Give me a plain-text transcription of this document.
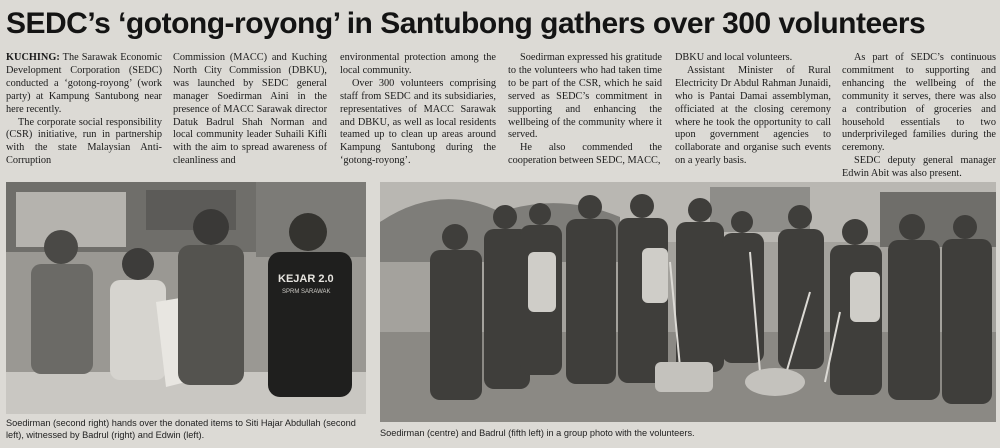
SEDC’s ‘gotong-royong’ in Santubong gathers over 300 volunteers

KUCHING: The Sarawak Economic Development Corporation (SEDC) conducted a ‘gotong-royong’ (work party) at Kampung Santubong near here recently.

The corporate social responsibility (CSR) initiative, run in partnership with the state Malaysian Anti-Corruption

Commission (MACC) and Kuching North City Commission (DBKU), was launched by SEDC general manager Soedirman Aini in the presence of MACC Sarawak director Datuk Badrul Shah Norman and local community leader Suhaili Kifli with the aim to spread awareness of cleanliness and

environmental protection among the local community.

Over 300 volunteers comprising staff from SEDC and its subsidiaries, representatives of MACC Sarawak and DBKU, as well as local residents teamed up to clean up areas around Kampung Santubong during the ‘gotong-royong’.

Soedirman expressed his gratitude to the volunteers who had taken time to be part of the CSR, which he said served as SEDC’s commitment in supporting and enhancing the wellbeing of the community where it served.

He also commended the cooperation between SEDC, MACC,

DBKU and local volunteers.

Assistant Minister of Rural Electricity Dr Abdul Rahman Junaidi, who is Pantai Damai assemblyman, officiated at the closing ceremony where he took the opportunity to call upon government agencies to collaborate and organise such events on a yearly basis.

As part of SEDC’s continuous commitment to supporting and enhancing the wellbeing of the community it serves, there was also a contribution of groceries and household essentials to two underprivileged families during the ceremony.

SEDC deputy general manager Edwin Abit was also present.

KEJAR 2.0
SPRM SARAWAK
Soedirman (second right) hands over the donated items to Siti Hajar Abdullah (second left), witnessed by Badrul (right) and Edwin (left).	Soedirman (centre) and Badrul (fifth left) in a group photo with the volunteers.
